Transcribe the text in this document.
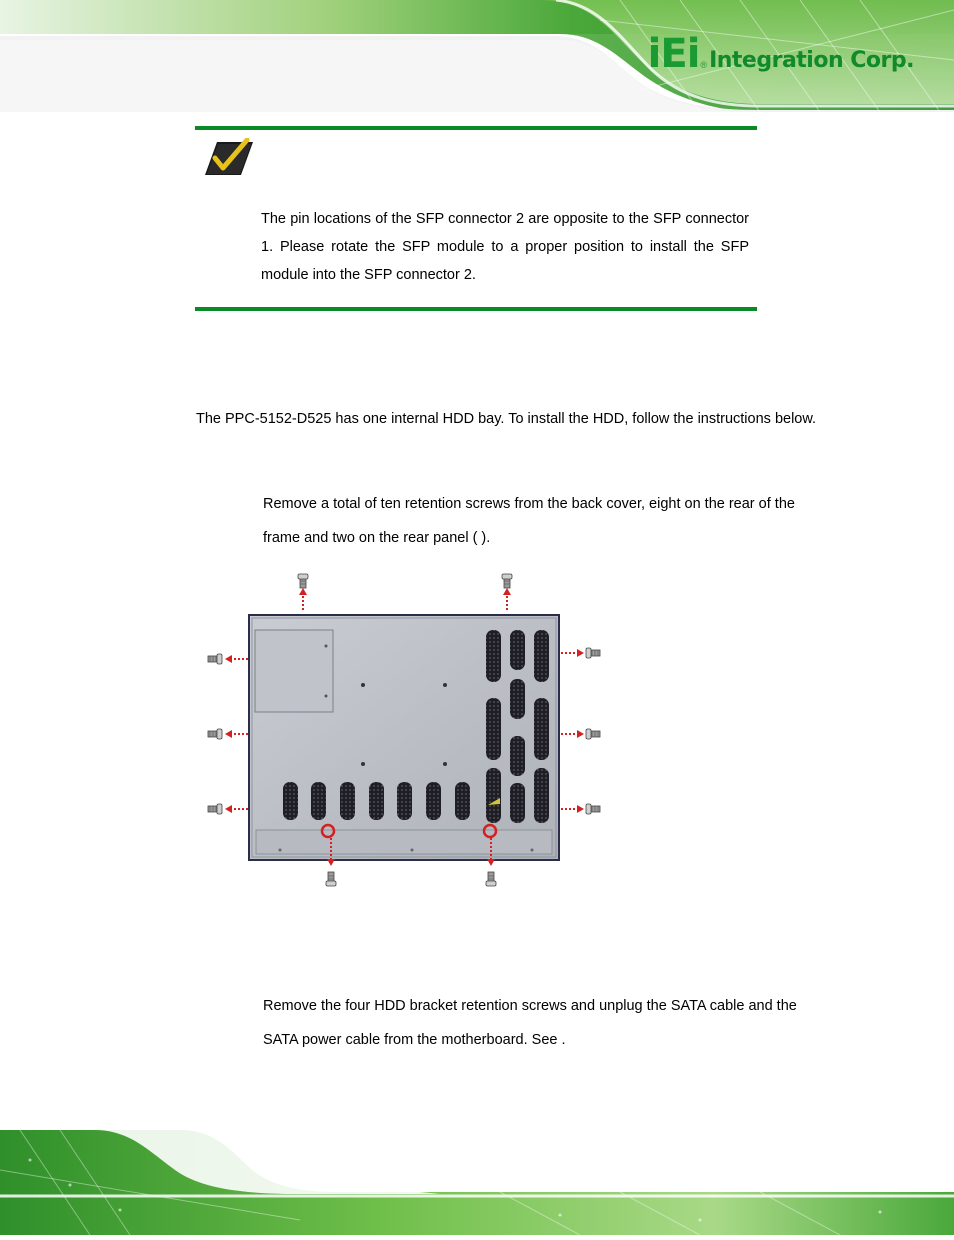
iEi ® Integration Corp.
The pin locations of the SFP connector 2 are opposite to the SFP connector 1. Please rotate the SFP module to a proper position to install the SFP module into the SFP connector 2.
The PPC-5152-D525 has one internal HDD bay. To install the HDD, follow the instructions below.
Remove a total of ten retention screws from the back cover, eight on the rear of the frame and two on the rear panel ( ).
Remove the four HDD bracket retention screws and unplug the SATA cable and the SATA power cable from the motherboard. See .
